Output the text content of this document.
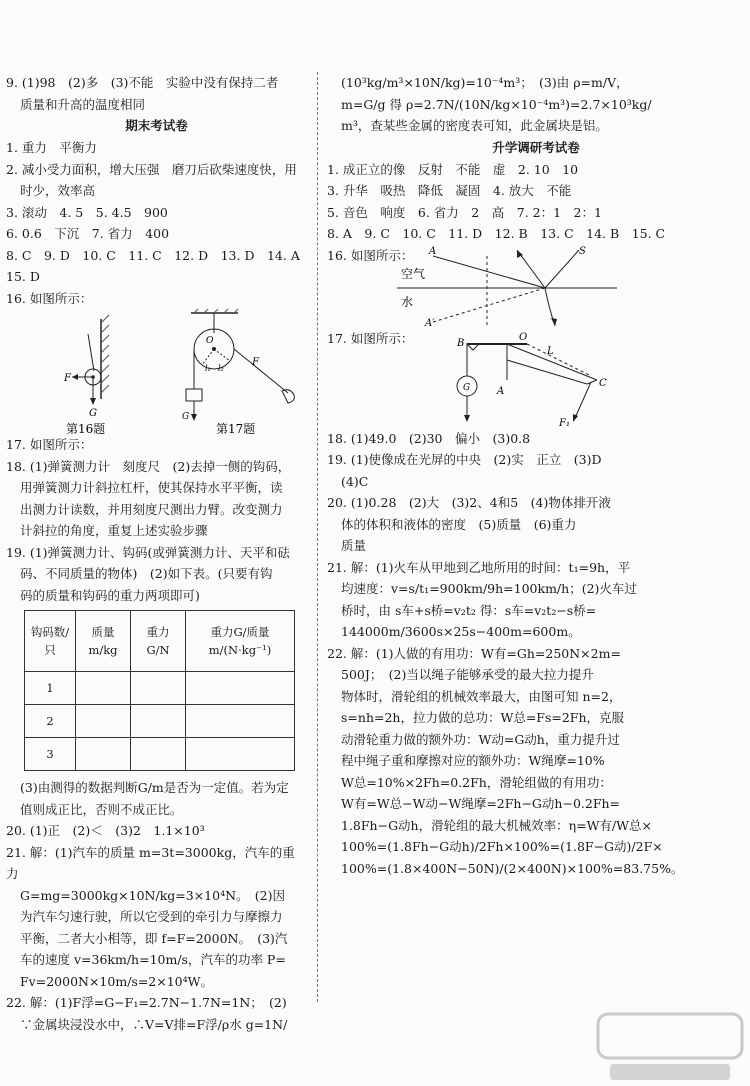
9. (1)98　(2)多　(3)不能　实验中没有保持二者

质量和升高的温度相同

期末考试卷

1. 重力　平衡力

2. 减小受力面积，增大压强　磨刀后砍柴速度快，用

时少，效率高

3. 滚动　4. 5　5. 4.5　900

6. 0.6　下沉　7. 省力　400

8. C　9. D　10. C　11. C　12. D　13. D　14. A　15. D

16. 如图所示：

F
G
第16题
O
F
l₁ l₂
G
第17题

17. 如图所示：

18. (1)弹簧测力计　刻度尺　(2)去掉一侧的钩码，

用弹簧测力计斜拉杠杆，使其保持水平平衡，读

出测力计读数，并用刻度尺测出力臂。改变测力

计斜拉的角度，重复上述实验步骤

19. (1)弹簧测力计、钩码(或弹簧测力计、天平和砝

码、不同质量的物体)　(2)如下表。(只要有钩

码的质量和钩码的重力两项即可)

钩码数/只	质量m/kg	重力G/N	重力G/质量m/(N·kg⁻¹)
1			
2			
3			

(3)由测得的数据判断G/m是否为一定值。若为定

值则成正比，否则不成正比。

20. (1)正　(2)＜　(3)2　1.1×10³

21. 解：(1)汽车的质量 m=3t=3000kg，汽车的重力

G=mg=3000kg×10N/kg=3×10⁴N。　(2)因

为汽车匀速行驶，所以它受到的牵引力与摩擦力

平衡，二者大小相等，即 f=F=2000N。　(3)汽

车的速度 v=36km/h=10m/s，汽车的功率 P=

Fv=2000N×10m/s=2×10⁴W。

22. 解：(1)F浮=G−F₁=2.7N−1.7N=1N；　(2)

∵金属块浸没水中，∴V=V排=F浮/ρ水 g=1N/

(10³kg/m³×10N/kg)=10⁻⁴m³；　(3)由 ρ=m/V，

m=G/g 得 ρ=2.7N/(10N/kg×10⁻⁴m³)=2.7×10³kg/

m³，查某些金属的密度表可知，此金属块是铝。

升学调研考试卷

1. 成正立的像　反射　不能　虚　2. 10　10

3. 升华　吸热　降低　凝固　4. 放大　不能

5. 音色　响度　6. 省力　2　高　7. 2：1　2：1

8. A　9. C　10. C　11. D　12. B　13. C　14. B　15. C

16. 如图所示：

空气
水
A	S
A′

17. 如图所示：	B
O
L
A
C
G
F₁

18. (1)49.0　(2)30　偏小　(3)0.8

19. (1)使像成在光屏的中央　(2)实　正立　(3)D

(4)C

20. (1)0.28　(2)大　(3)2、4和5　(4)物体排开液

体的体积和液体的密度　(5)质量　(6)重力

质量

21. 解：(1)火车从甲地到乙地所用的时间：t₁=9h，平

均速度：v=s/t₁=900km/9h=100km/h；(2)火车过

桥时，由 s车+s桥=v₂t₂ 得：s车=v₂t₂−s桥=

144000m/3600s×25s−400m=600m。

22. 解：(1)人做的有用功：W有=Gh=250N×2m=

500J；　(2)当以绳子能够承受的最大拉力提升

物体时，滑轮组的机械效率最大，由图可知 n=2，

s=nh=2h，拉力做的总功：W总=Fs=2Fh，克服

动滑轮重力做的额外功：W动=G动h，重力提升过

程中绳子重和摩擦对应的额外功：W绳摩=10%

W总=10%×2Fh=0.2Fh，滑轮组做的有用功：

W有=W总−W动−W绳摩=2Fh−G动h−0.2Fh=

1.8Fh−G动h，滑轮组的最大机械效率：η=W有/W总×

100%=(1.8Fh−G动h)/2Fh×100%=(1.8F−G动)/2F×

100%=(1.8×400N−50N)/(2×400N)×100%=83.75%。
